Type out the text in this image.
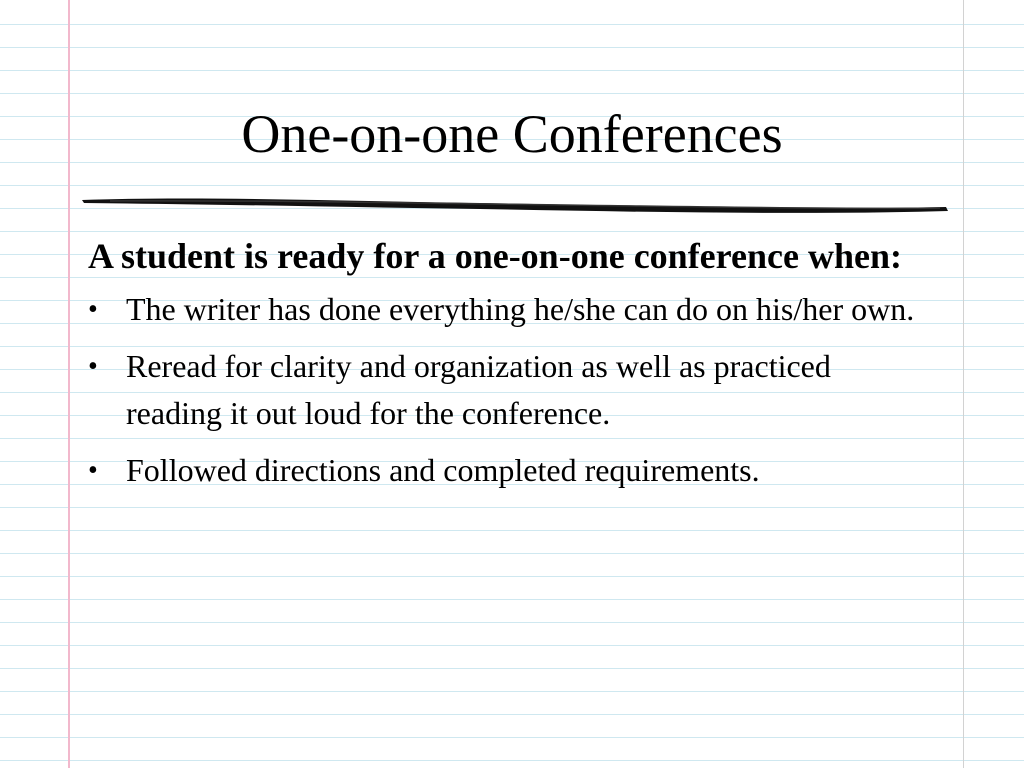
One-on-one Conferences

A student is ready for a one-on-one conference when:

• The writer has done everything he/she can do on his/her own.
• Reread for clarity and organization as well as practiced reading it out loud for the conference.
• Followed directions and completed requirements.
